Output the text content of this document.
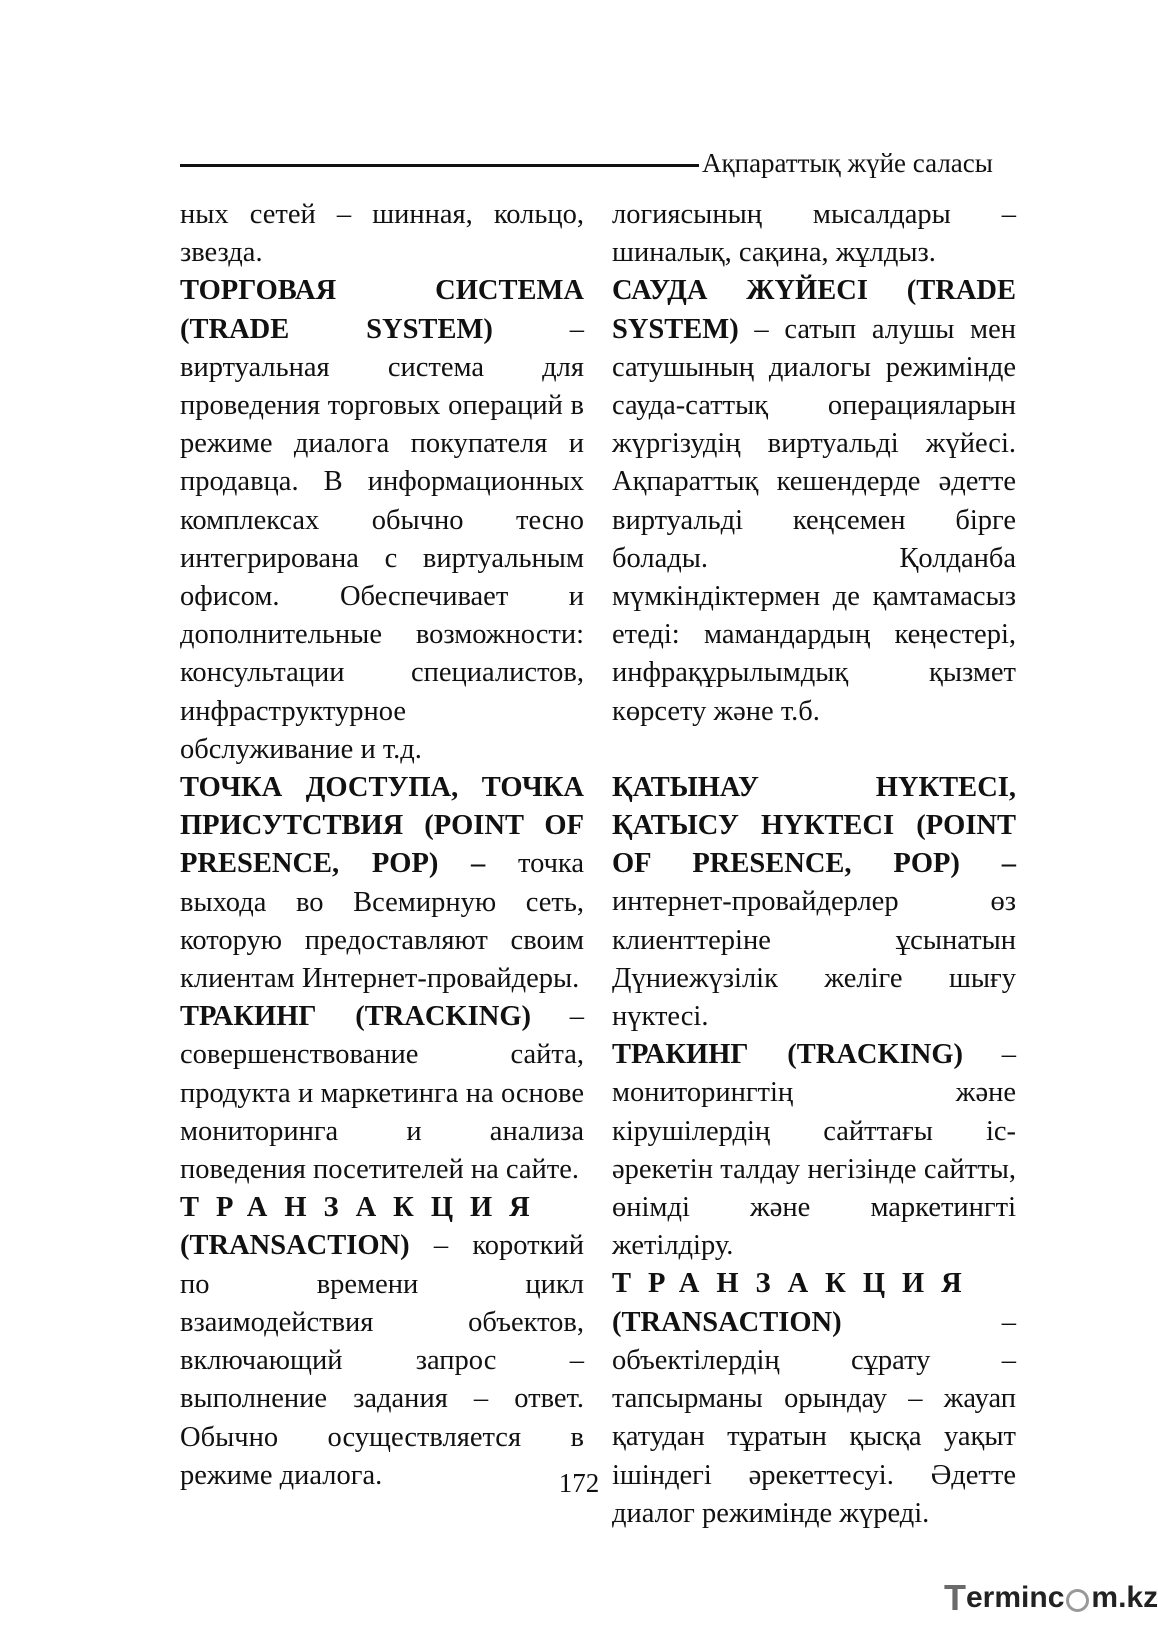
Ақпараттық жүйе саласы

ных сетей – шинная, кольцо, звезда.

ТОРГОВАЯ СИСТЕМА (TRADE SYSTEM) – виртуальная система для проведения торговых операций в режиме диалога покупателя и продавца. В информационных комплексах обычно тесно интегрирована с виртуальным офисом. Обеспечивает и дополнительные возможности: консультации специалистов, инфраструктурное обслуживание и т.д.

ТОЧКА ДОСТУПА, ТОЧКА ПРИСУТСТВИЯ (POINT OF PRESENCE, POP) – точка выхода во Всемирную сеть, которую предоставляют своим клиентам Интернет-провайдеры.

ТРАКИНГ (TRACKING) – совершенствование сайта, продукта и маркетинга на основе мониторинга и анализа поведения посетителей на сайте.

ТРАНЗАКЦИЯ
(TRANSACTION) – короткий по времени цикл взаимодействия объектов, включающий запрос – выполнение задания – ответ. Обычно осуществляется в режиме диалога.

логиясының мысалдары – шиналық, сақина, жұлдыз.

САУДА ЖҮЙЕСІ (TRADE SYSTEM) – сатып алушы мен сатушының диалогы режимінде сауда-саттық операцияларын жүргізудің виртуальді жүйесі. Ақпараттық кешендерде әдетте виртуальді кеңсемен бірге болады. Қолданба мүмкіндіктермен де қамтамасыз етеді: мамандардың кеңестері, инфрақұрылымдық қызмет көрсету және т.б.

ҚАТЫНАУ НҮКТЕСІ, ҚАТЫСУ НҮКТЕСІ (POINT OF PRESENCE, POP) – интернет-провайдерлер өз клиенттеріне ұсынатын Дүниежүзілік желіге шығу нүктесі.

ТРАКИНГ (TRACKING) – мониторингтің және кірушілердің сайттағы іс-әрекетін талдау негізінде сайтты, өнімді және маркетингті жетілдіру.

ТРАНЗАКЦИЯ
(TRANSACTION) – объектілердің сұрату – тапсырманы орындау – жауап қатудан тұратын қысқа уақыт ішіндегі әрекеттесуі. Әдетте диалог режимінде жүреді.

172
T ermin c m.kz
